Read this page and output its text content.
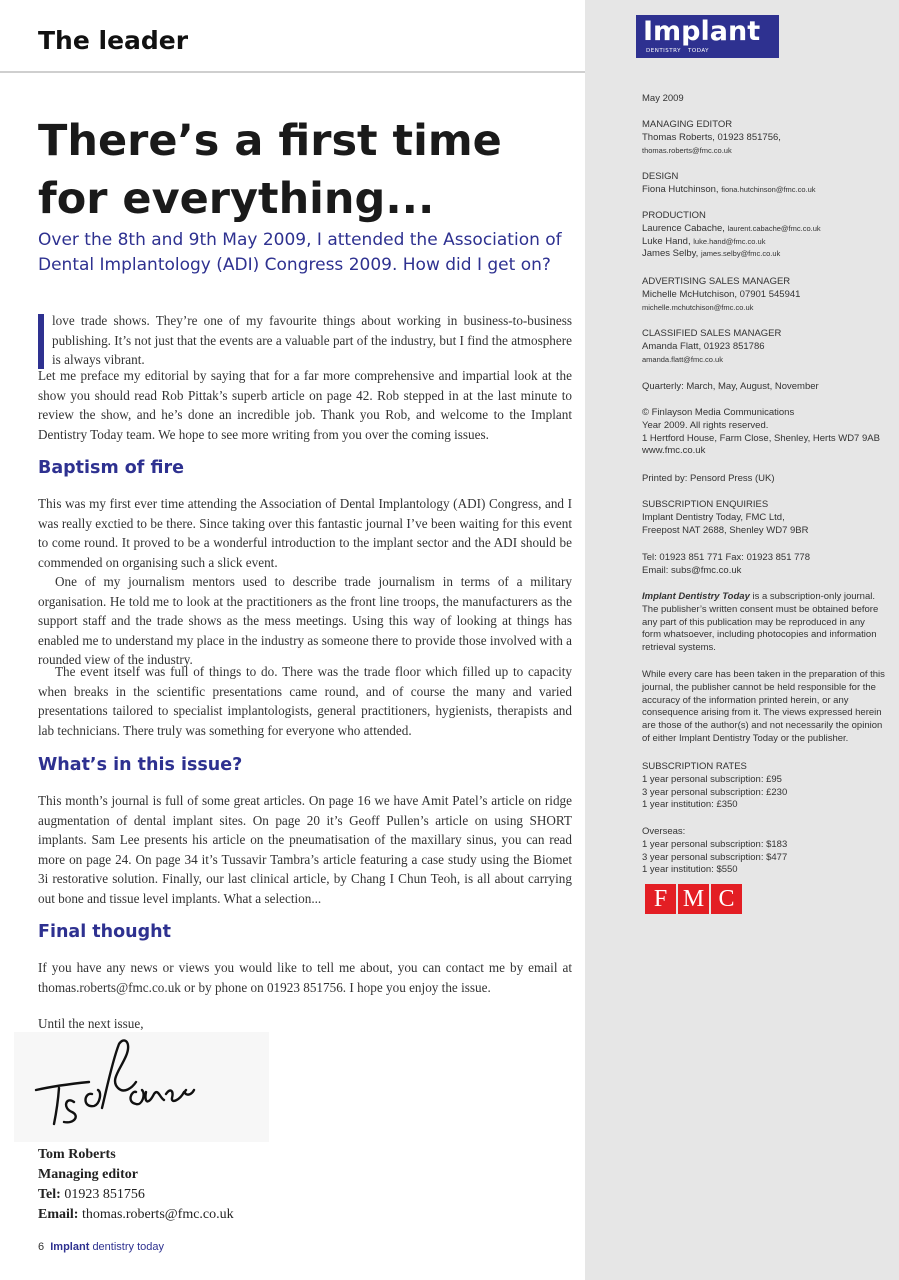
The leader
There’s a first time for everything...

Over the 8th and 9th May 2009, I attended the Association of Dental Implantology (ADI) Congress 2009. How did I get on?

love trade shows. They’re one of my favourite things about working in business-to-business publishing. It’s not just that the events are a valuable part of the industry, but I find the atmosphere is always vibrant.

Let me preface my editorial by saying that for a far more comprehensive and impartial look at the show you should read Rob Pittak’s superb article on page 42. Rob stepped in at the last minute to review the show, and he’s done an incredible job. Thank you Rob, and welcome to the Implant Dentistry Today team. We hope to see more writing from you over the coming issues.

Baptism of fire

This was my first ever time attending the Association of Dental Implantology (ADI) Congress, and I was really exctied to be there. Since taking over this fantastic journal I’ve been waiting for this event to come round. It proved to be a wonderful introduction to the implant sector and the ADI should be commended on organising such a slick event.

One of my journalism mentors used to describe trade journalism in terms of a military organisation. He told me to look at the practitioners as the front line troops, the manufacturers as the support staff and the trade shows as the mess meetings. Using this way of looking at things has enabled me to understand my place in the industry as someone there to provide those involved with a rounded view of the industry.

The event itself was full of things to do. There was the trade floor which filled up to capacity when breaks in the scientific presentations came round, and of course the many and varied presentations tailored to specialist implantologists, general practitioners, hygienists, therapists and lab technicians. There truly was something for everyone who attended.

What’s in this issue?

This month’s journal is full of some great articles. On page 16 we have Amit Patel’s article on ridge augmentation of dental implant sites. On page 20 it’s Geoff Pullen’s article on using SHORT implants. Sam Lee presents his article on the pneumatisation of the maxillary sinus, you can read more on page 24. On page 34 it’s Tussavir Tambra’s article featuring a case study using the Biomet 3i restorative solution. Finally, our last clinical article, by Chang I Chun Teoh, is all about carrying out bone and tissue level implants. What a selection...

Final thought

If you have any news or views you would like to tell me about, you can contact me by email at thomas.roberts@fmc.co.uk or by phone on 01923 851756. I hope you enjoy the issue.

Until the next issue,

Tom Roberts
Managing editor
Tel: 01923 851756
Email: thomas.roberts@fmc.co.uk
6 Implant dentistry today
Implant
DENTISTRY TODAY

May 2009

MANAGING EDITOR
Thomas Roberts, 01923 851756,
thomas.roberts@fmc.co.uk
DESIGN
Fiona Hutchinson, fiona.hutchinson@fmc.co.uk
PRODUCTION
Laurence Cabache, laurent.cabache@fmc.co.uk
Luke Hand, luke.hand@fmc.co.uk
James Selby, james.selby@fmc.co.uk
ADVERTISING SALES MANAGER
Michelle McHutchison, 07901 545941
michelle.mchutchison@fmc.co.uk
CLASSIFIED SALES MANAGER
Amanda Flatt, 01923 851786
amanda.flatt@fmc.co.uk

Quarterly: March, May, August, November

© Finlayson Media Communications
Year 2009. All rights reserved.
1 Hertford House, Farm Close, Shenley, Herts WD7 9AB
www.fmc.co.uk

Printed by: Pensord Press (UK)

SUBSCRIPTION ENQUIRIES
Implant Dentistry Today, FMC Ltd,
Freepost NAT 2688, Shenley WD7 9BR
Tel: 01923 851 771 Fax: 01923 851 778
Email: subs@fmc.co.uk

Implant Dentistry Today is a subscription-only journal. The publisher’s written consent must be obtained before any part of this publication may be reproduced in any form whatsoever, including photocopies and information retrieval systems.

While every care has been taken in the preparation of this journal, the publisher cannot be held responsible for the accuracy of the information printed herein, or any consequence arising from it. The views expressed herein are those of the author(s) and not necessarily the opinion of either Implant Dentistry Today or the publisher.

SUBSCRIPTION RATES
1 year personal subscription: £95
3 year personal subscription: £230
1 year institution: £350
Overseas:
1 year personal subscription: $183
3 year personal subscription: $477
1 year institution: $550
F M C
